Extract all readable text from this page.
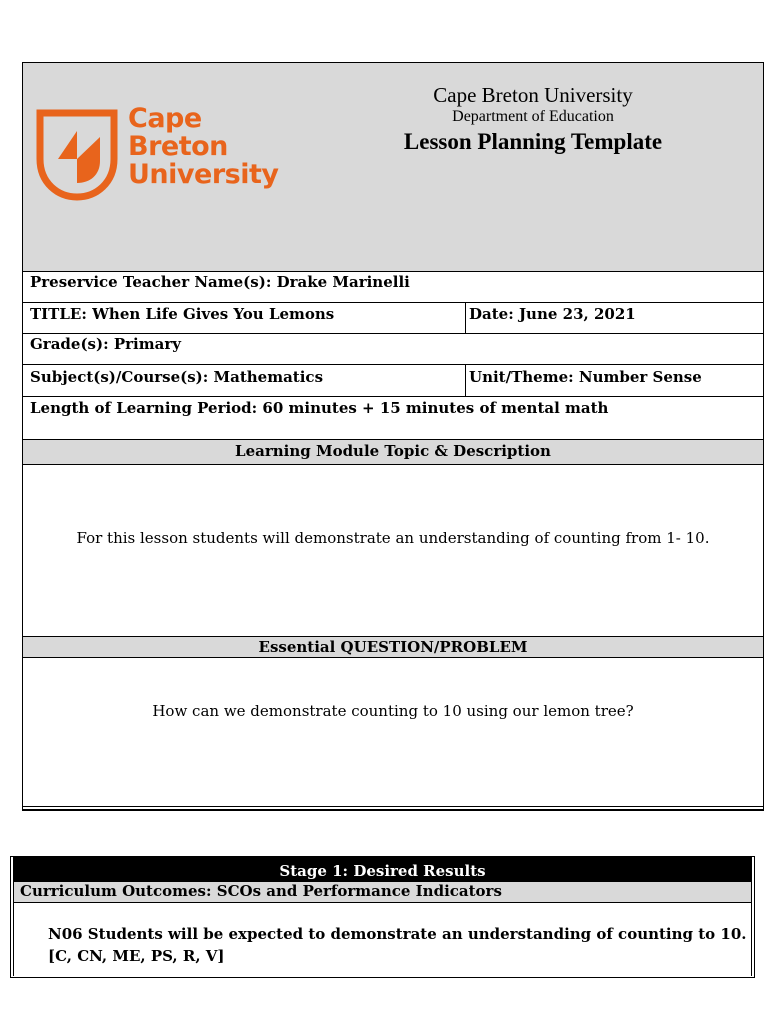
Cape
Breton
University
Cape Breton University
Department of Education
Lesson Planning Template
Preservice Teacher Name(s): Drake Marinelli
TITLE: When Life Gives You Lemons	Date: June 23, 2021
Grade(s): Primary
Subject(s)/Course(s): Mathematics	Unit/Theme: Number Sense
Length of Learning Period: 60 minutes + 15 minutes of mental math
Learning Module Topic & Description
For this lesson students will demonstrate an understanding of counting from 1- 10.
Essential QUESTION/PROBLEM
How can we demonstrate counting to 10 using our lemon tree?
Stage 1: Desired Results
Curriculum Outcomes: SCOs and Performance Indicators
N06 Students will be expected to demonstrate an understanding of counting to 10. [C, CN, ME, PS, R, V]
